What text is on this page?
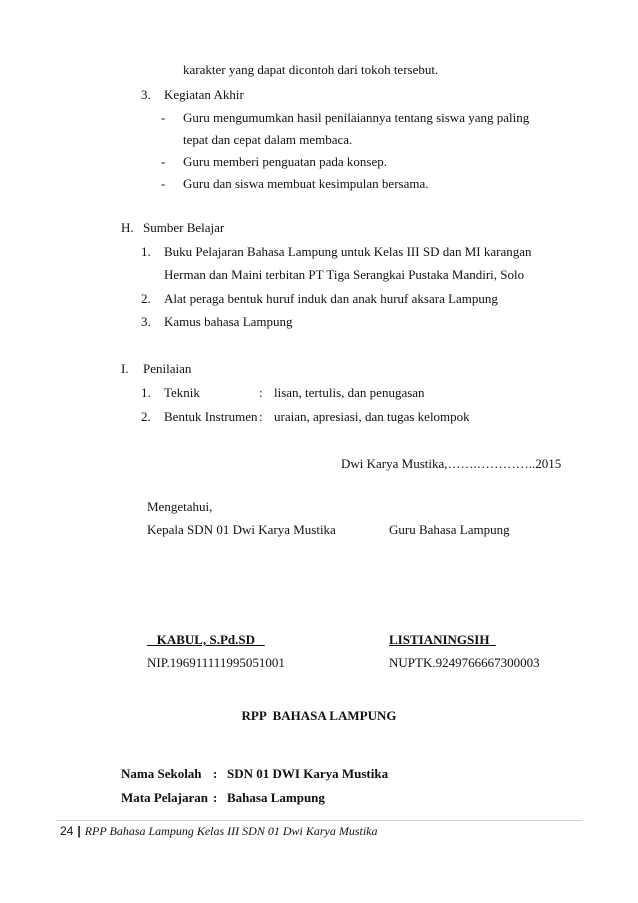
karakter yang dapat dicontoh dari tokoh tersebut.
3. Kegiatan Akhir
- Guru mengumumkan hasil penilaiannya tentang siswa yang paling
tepat dan cepat dalam membaca.
- Guru memberi penguatan pada konsep.
- Guru dan siswa membuat kesimpulan bersama.
H. Sumber Belajar
1. Buku Pelajaran Bahasa Lampung untuk Kelas III SD dan MI karangan
Herman dan Maini terbitan PT Tiga Serangkai Pustaka Mandiri, Solo
2. Alat peraga bentuk huruf induk dan anak huruf aksara Lampung
3. Kamus bahasa Lampung
I. Penilaian
1. Teknik	: lisan, tertulis, dan penugasan
2. Bentuk Instrumen : uraian, apresiasi, dan tugas kelompok
Dwi Karya Mustika,…….…………..2015
Mengetahui,
Kepala SDN 01 Dwi Karya Mustika	Guru Bahasa Lampung
KABUL, S.Pd.SD	LISTIANINGSIH
NIP.196911111995051001	NUPTK.9249766667300003
RPP  BAHASA LAMPUNG
Nama Sekolah : SDN 01 DWI Karya Mustika
Mata Pelajaran : Bahasa Lampung
24 | RPP Bahasa Lampung Kelas III SDN 01 Dwi Karya Mustika
